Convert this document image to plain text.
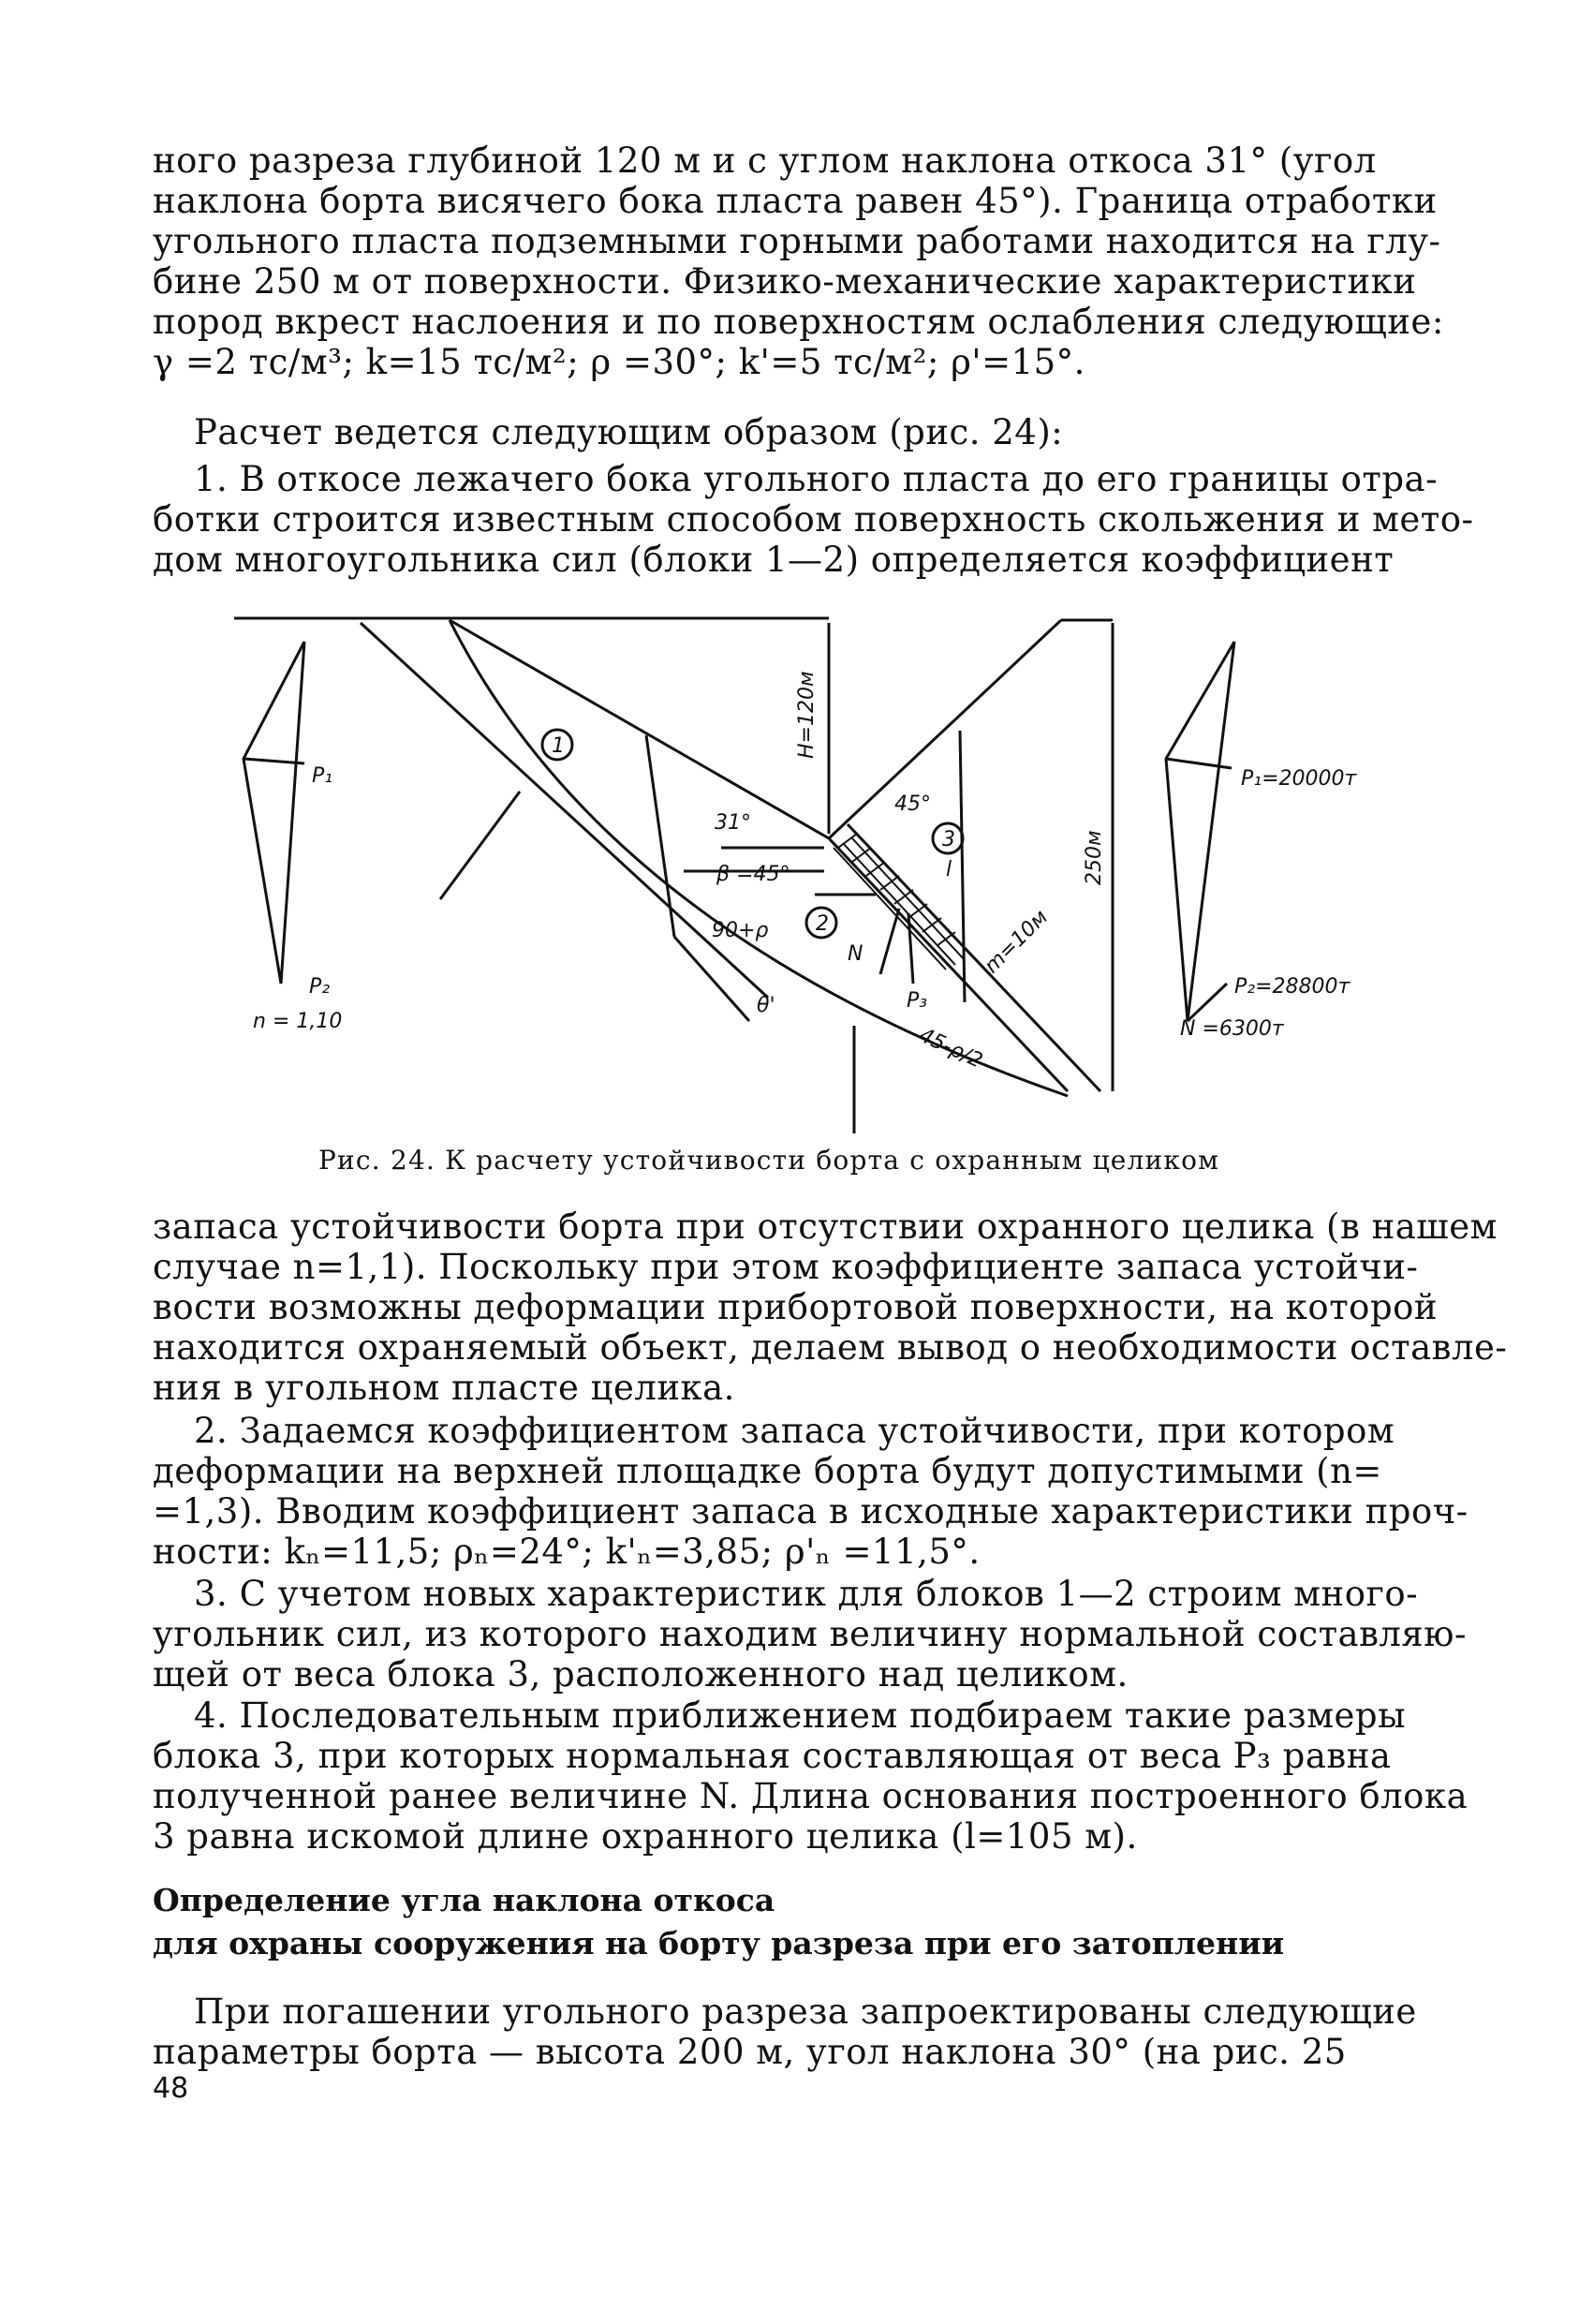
ного разреза глубиной 120 м и с углом наклона откоса 31° (угол
наклона борта висячего бока пласта равен 45°). Граница отработки
угольного пласта подземными горными работами находится на глу-
бине 250 м от поверхности. Физико-механические характеристики
пород вкрест наслоения и по поверхностям ослабления следующие:
γ =2 тс/м³; k=15 тс/м²; ρ =30°; k'=5 тс/м²; ρ'=15°.
Расчет ведется следующим образом (рис. 24):
1. В откосе лежачего бока угольного пласта до его границы отра-
ботки строится известным способом поверхность скольжения и мето-
дом многоугольника сил (блоки 1—2) определяется коэффициент
1
2
3
H=120м
250м
31°
β =45°
45°
90+ρ
θ'
45-ρ/2
m=10м
l
N
P₃
P₁
P₂
n = 1,10
P₁=20000т
P₂=28800т
N =6300т
Рис. 24. К расчету устойчивости борта с охранным целиком
запаса устойчивости борта при отсутствии охранного целика (в нашем
случае n=1,1). Поскольку при этом коэффициенте запаса устойчи-
вости возможны деформации прибортовой поверхности, на которой
находится охраняемый объект, делаем вывод о необходимости оставле-
ния в угольном пласте целика.
2. Задаемся коэффициентом запаса устойчивости, при котором
деформации на верхней площадке борта будут допустимыми (n=
=1,3). Вводим коэффициент запаса в исходные характеристики проч-
ности: kₙ=11,5; ρₙ=24°; k'ₙ=3,85; ρ'ₙ =11,5°.
3. С учетом новых характеристик для блоков 1—2 строим много-
угольник сил, из которого находим величину нормальной составляю-
щей от веса блока 3, расположенного над целиком.
4. Последовательным приближением подбираем такие размеры
блока 3, при которых нормальная составляющая от веса P₃ равна
полученной ранее величине N. Длина основания построенного блока
3 равна искомой длине охранного целика (l=105 м).
Определение угла наклона откоса
для охраны сооружения на борту разреза при его затоплении
При погашении угольного разреза запроектированы следующие
параметры борта — высота 200 м, угол наклона 30° (на рис. 25
48
